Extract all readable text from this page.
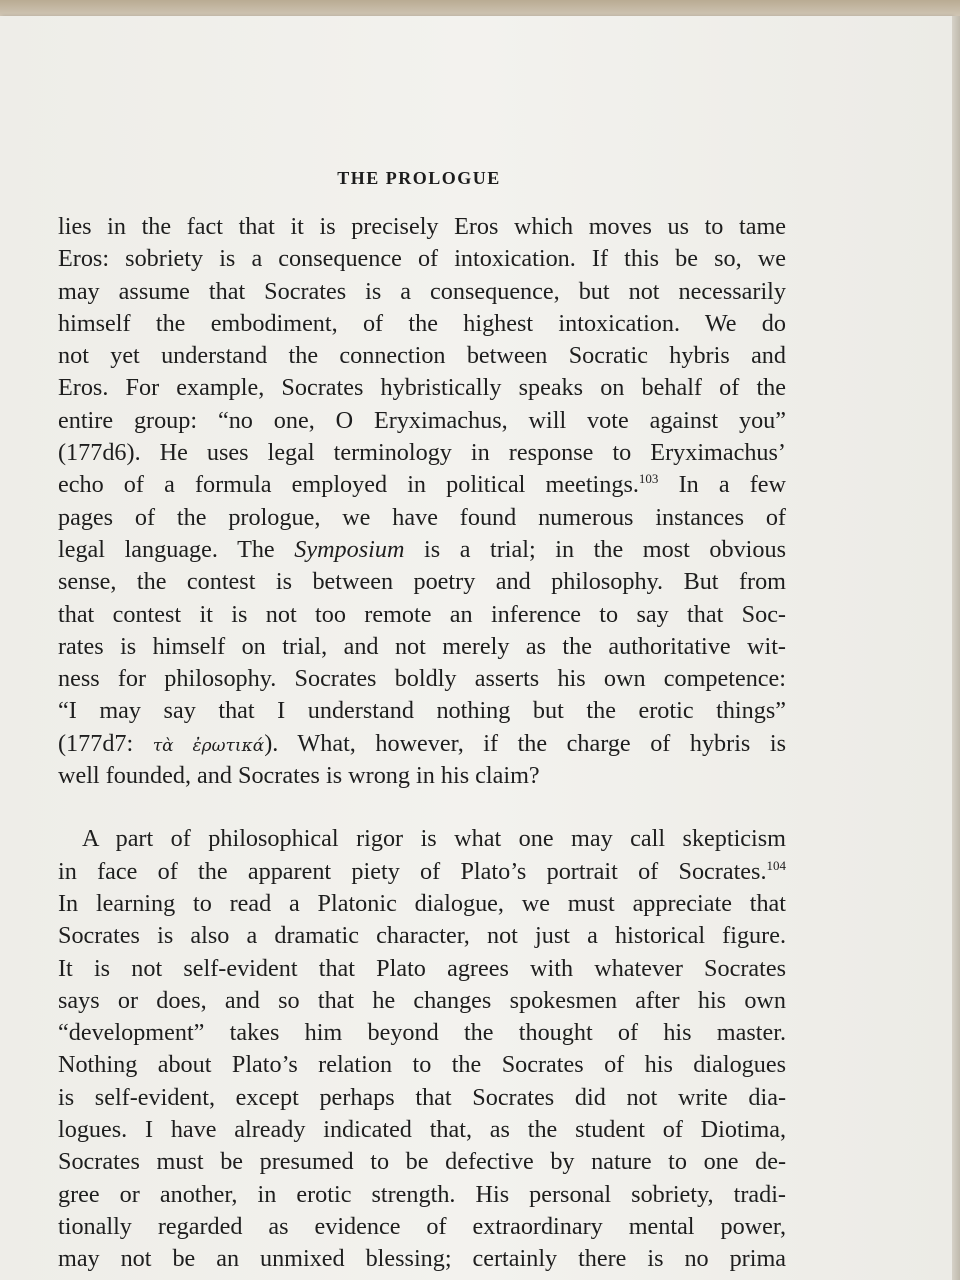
THE PROLOGUE
lies in the fact that it is precisely Eros which moves us to tame
Eros: sobriety is a consequence of intoxication. If this be so, we
may assume that Socrates is a consequence, but not necessarily
himself the embodiment, of the highest intoxication. We do
not yet understand the connection between Socratic hybris and
Eros. For example, Socrates hybristically speaks on behalf of the
entire group: “no one, O Eryximachus, will vote against you”
(177d6). He uses legal terminology in response to Eryximachus’
echo of a formula employed in political meetings.$^{103}$ In a few
pages of the prologue, we have found numerous instances of
legal language. The Symposium is a trial; in the most obvious
sense, the contest is between poetry and philosophy. But from
that contest it is not too remote an inference to say that Soc-
rates is himself on trial, and not merely as the authoritative wit-
ness for philosophy. Socrates boldly asserts his own competence:
“I may say that I understand nothing but the erotic things”
(177d7: τὰ ἐρωτικά). What, however, if the charge of hybris is
well founded, and Socrates is wrong in his claim?
A part of philosophical rigor is what one may call skepticism
in face of the apparent piety of Plato’s portrait of Socrates.$^{104}$
In learning to read a Platonic dialogue, we must appreciate that
Socrates is also a dramatic character, not just a historical figure.
It is not self-evident that Plato agrees with whatever Socrates
says or does, and so that he changes spokesmen after his own
“development” takes him beyond the thought of his master.
Nothing about Plato’s relation to the Socrates of his dialogues
is self-evident, except perhaps that Socrates did not write dia-
logues. I have already indicated that, as the student of Diotima,
Socrates must be presumed to be defective by nature to one de-
gree or another, in erotic strength. His personal sobriety, tradi-
tionally regarded as evidence of extraordinary mental power,
may not be an unmixed blessing; certainly there is no prima
